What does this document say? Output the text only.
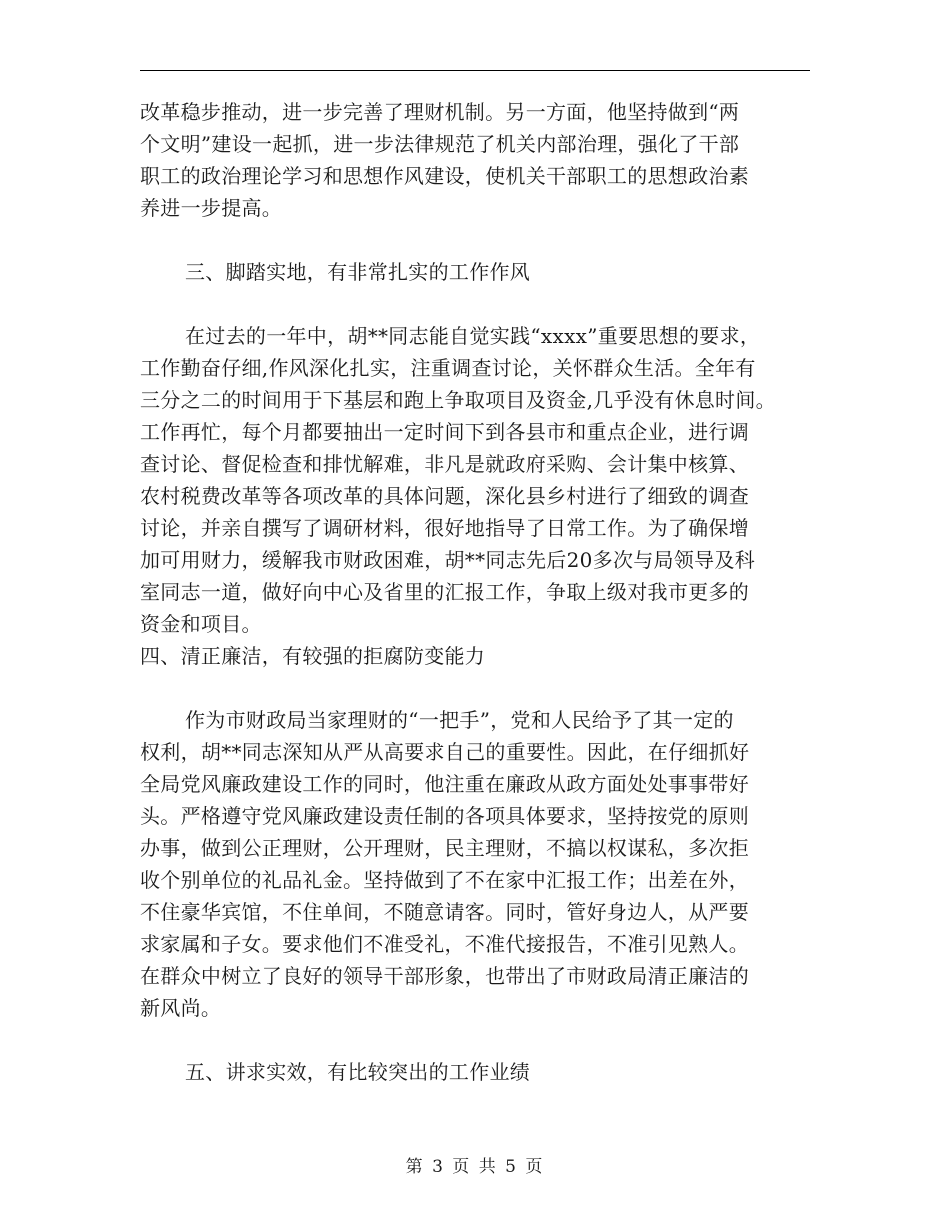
改革稳步推动，进一步完善了理财机制。另一方面，他坚持做到“两
个文明”建设一起抓，进一步法律规范了机关内部治理，强化了干部
职工的政治理论学习和思想作风建设，使机关干部职工的思想政治素
养进一步提高。
三、脚踏实地，有非常扎实的工作作风
在过去的一年中，胡**同志能自觉实践“xxxx”重要思想的要求，
工作勤奋仔细,作风深化扎实，注重调查讨论，关怀群众生活。全年有
三分之二的时间用于下基层和跑上争取项目及资金,几乎没有休息时间。
工作再忙，每个月都要抽出一定时间下到各县市和重点企业，进行调
查讨论、督促检查和排忧解难，非凡是就政府采购、会计集中核算、
农村税费改革等各项改革的具体问题，深化县乡村进行了细致的调查
讨论，并亲自撰写了调研材料，很好地指导了日常工作。为了确保增
加可用财力，缓解我市财政困难，胡**同志先后20多次与局领导及科
室同志一道，做好向中心及省里的汇报工作，争取上级对我市更多的
资金和项目。
四、清正廉洁，有较强的拒腐防变能力
作为市财政局当家理财的“一把手”，党和人民给予了其一定的
权利，胡**同志深知从严从高要求自己的重要性。因此，在仔细抓好
全局党风廉政建设工作的同时，他注重在廉政从政方面处处事事带好
头。严格遵守党风廉政建设责任制的各项具体要求，坚持按党的原则
办事，做到公正理财，公开理财，民主理财，不搞以权谋私，多次拒
收个别单位的礼品礼金。坚持做到了不在家中汇报工作；出差在外，
不住豪华宾馆，不住单间，不随意请客。同时，管好身边人，从严要
求家属和子女。要求他们不准受礼，不准代接报告，不准引见熟人。
在群众中树立了良好的领导干部形象，也带出了市财政局清正廉洁的
新风尚。
五、讲求实效，有比较突出的工作业绩
第 3 页 共 5 页
